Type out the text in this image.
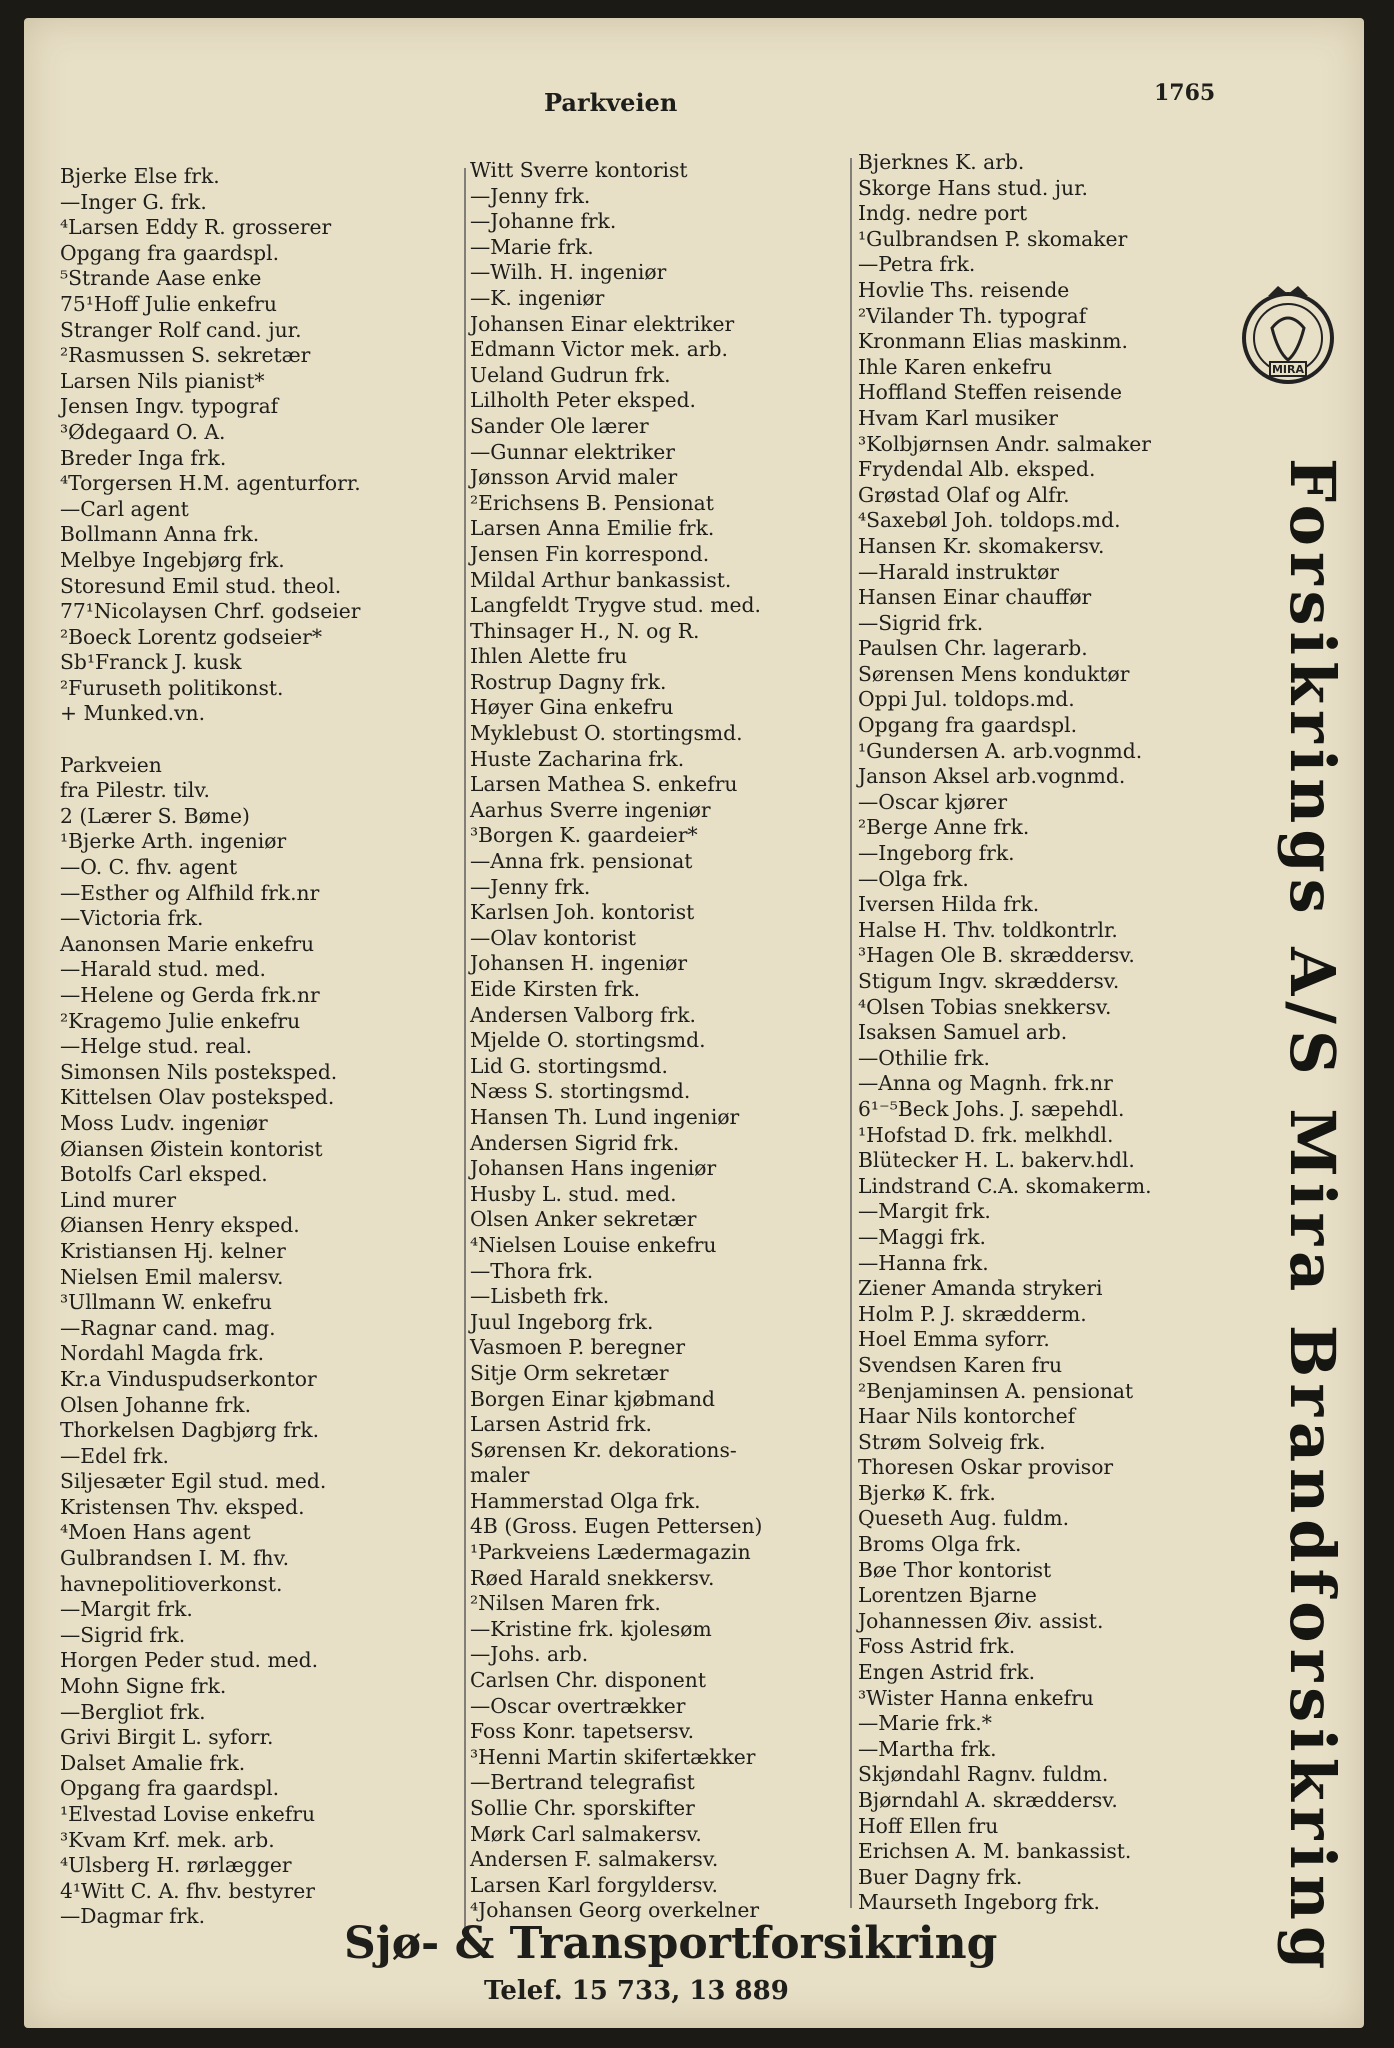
Parkveien	1765
Bjerke Else frk.
—Inger G. frk.
⁴Larsen Eddy R. grosserer
Opgang fra gaardspl.
⁵Strande Aase enke
75¹Hoff Julie enkefru
Stranger Rolf cand. jur.
²Rasmussen S. sekretær
Larsen Nils pianist*
Jensen Ingv. typograf
³Ødegaard O. A.
Breder Inga frk.
⁴Torgersen H.M. agenturforr.
—Carl agent
Bollmann Anna frk.
Melbye Ingebjørg frk.
Storesund Emil stud. theol.
77¹Nicolaysen Chrf. godseier
²Boeck Lorentz godseier*
Sb¹Franck J. kusk
²Furuseth politikonst.
+ Munked.vn.
Parkveien
fra Pilestr. tilv.
2 (Lærer S. Bøme)
¹Bjerke Arth. ingeniør
—O. C. fhv. agent
—Esther og Alfhild frk.nr
—Victoria frk.
Aanonsen Marie enkefru
—Harald stud. med.
—Helene og Gerda frk.nr
²Kragemo Julie enkefru
—Helge stud. real.
Simonsen Nils posteksped.
Kittelsen Olav posteksped.
Moss Ludv. ingeniør
Øiansen Øistein kontorist
Botolfs Carl eksped.
Lind murer
Øiansen Henry eksped.
Kristiansen Hj. kelner
Nielsen Emil malersv.
³Ullmann W. enkefru
—Ragnar cand. mag.
Nordahl Magda frk.
Kr.a Vinduspudserkontor
Olsen Johanne frk.
Thorkelsen Dagbjørg frk.
—Edel frk.
Siljesæter Egil stud. med.
Kristensen Thv. eksped.
⁴Moen Hans agent
Gulbrandsen I. M. fhv.
havnepolitioverkonst.
—Margit frk.
—Sigrid frk.
Horgen Peder stud. med.
Mohn Signe frk.
—Bergliot frk.
Grivi Birgit L. syforr.
Dalset Amalie frk.
Opgang fra gaardspl.
¹Elvestad Lovise enkefru
³Kvam Krf. mek. arb.
⁴Ulsberg H. rørlægger
4¹Witt C. A. fhv. bestyrer
—Dagmar frk.
Witt Sverre kontorist
—Jenny frk.
—Johanne frk.
—Marie frk.
—Wilh. H. ingeniør
—K. ingeniør
Johansen Einar elektriker
Edmann Victor mek. arb.
Ueland Gudrun frk.
Lilholth Peter eksped.
Sander Ole lærer
—Gunnar elektriker
Jønsson Arvid maler
²Erichsens B. Pensionat
Larsen Anna Emilie frk.
Jensen Fin korrespond.
Mildal Arthur bankassist.
Langfeldt Trygve stud. med.
Thinsager H., N. og R.
Ihlen Alette fru
Rostrup Dagny frk.
Høyer Gina enkefru
Myklebust O. stortingsmd.
Huste Zacharina frk.
Larsen Mathea S. enkefru
Aarhus Sverre ingeniør
³Borgen K. gaardeier*
—Anna frk. pensionat
—Jenny frk.
Karlsen Joh. kontorist
—Olav kontorist
Johansen H. ingeniør
Eide Kirsten frk.
Andersen Valborg frk.
Mjelde O. stortingsmd.
Lid G. stortingsmd.
Næss S. stortingsmd.
Hansen Th. Lund ingeniør
Andersen Sigrid frk.
Johansen Hans ingeniør
Husby L. stud. med.
Olsen Anker sekretær
⁴Nielsen Louise enkefru
—Thora frk.
—Lisbeth frk.
Juul Ingeborg frk.
Vasmoen P. beregner
Sitje Orm sekretær
Borgen Einar kjøbmand
Larsen Astrid frk.
Sørensen Kr. dekorations-
maler
Hammerstad Olga frk.
4B (Gross. Eugen Pettersen)
¹Parkveiens Lædermagazin
Røed Harald snekkersv.
²Nilsen Maren frk.
—Kristine frk. kjolesøm
—Johs. arb.
Carlsen Chr. disponent
—Oscar overtrækker
Foss Konr. tapetsersv.
³Henni Martin skifertækker
—Bertrand telegrafist
Sollie Chr. sporskifter
Mørk Carl salmakersv.
Andersen F. salmakersv.
Larsen Karl forgyldersv.
⁴Johansen Georg overkelner
Bjerknes K. arb.
Skorge Hans stud. jur.
Indg. nedre port
¹Gulbrandsen P. skomaker
—Petra frk.
Hovlie Ths. reisende
²Vilander Th. typograf
Kronmann Elias maskinm.
Ihle Karen enkefru
Hoffland Steffen reisende
Hvam Karl musiker
³Kolbjørnsen Andr. salmaker
Frydendal Alb. eksped.
Grøstad Olaf og Alfr.
⁴Saxebøl Joh. toldops.md.
Hansen Kr. skomakersv.
—Harald instruktør
Hansen Einar chauffør
—Sigrid frk.
Paulsen Chr. lagerarb.
Sørensen Mens konduktør
Oppi Jul. toldops.md.
Opgang fra gaardspl.
¹Gundersen A. arb.vognmd.
Janson Aksel arb.vognmd.
—Oscar kjører
²Berge Anne frk.
—Ingeborg frk.
—Olga frk.
Iversen Hilda frk.
Halse H. Thv. toldkontrlr.
³Hagen Ole B. skræddersv.
Stigum Ingv. skræddersv.
⁴Olsen Tobias snekkersv.
Isaksen Samuel arb.
—Othilie frk.
—Anna og Magnh. frk.nr
6¹⁻⁵Beck Johs. J. sæpehdl.
¹Hofstad D. frk. melkhdl.
Blütecker H. L. bakerv.hdl.
Lindstrand C.A. skomakerm.
—Margit frk.
—Maggi frk.
—Hanna frk.
Ziener Amanda strykeri
Holm P. J. skrædderm.
Hoel Emma syforr.
Svendsen Karen fru
²Benjaminsen A. pensionat
Haar Nils kontorchef
Strøm Solveig frk.
Thoresen Oskar provisor
Bjerkø K. frk.
Queseth Aug. fuldm.
Broms Olga frk.
Bøe Thor kontorist
Lorentzen Bjarne
Johannessen Øiv. assist.
Foss Astrid frk.
Engen Astrid frk.
³Wister Hanna enkefru
—Marie frk.*
—Martha frk.
Skjøndahl Ragnv. fuldm.
Bjørndahl A. skræddersv.
Hoff Ellen fru
Erichsen A. M. bankassist.
Buer Dagny frk.
Maurseth Ingeborg frk.
MIRA
Forsikrings A/S Mira Brandforsikring
Sjø- & Transportforsikring
Telef. 15 733, 13 889
